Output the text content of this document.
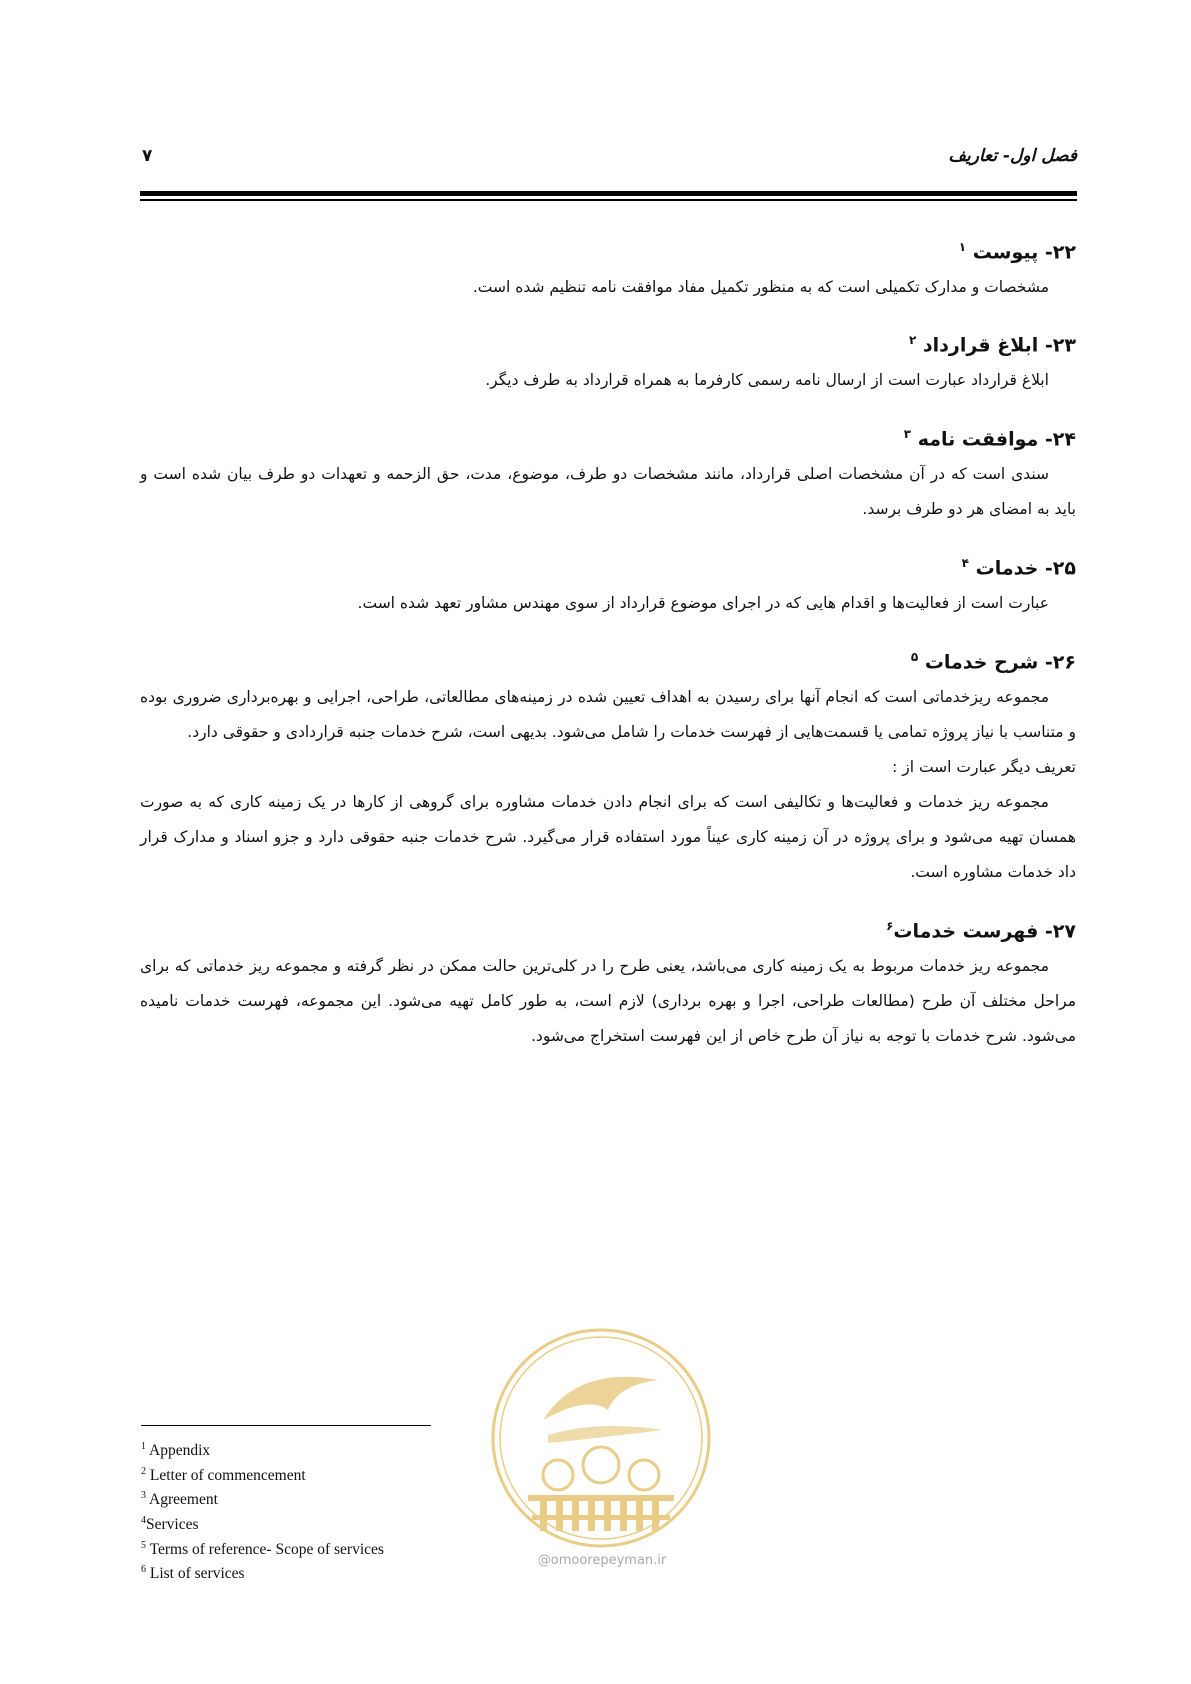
فصل اول- تعاریف
۷
۲۲- پیوست $^۱$

مشخصات و مدارک تکمیلی است که به منظور تکمیل مفاد موافقت نامه تنظیم شده است.

۲۳- ابلاغ قرارداد $^۲$

ابلاغ قرارداد عبارت است از ارسال نامه رسمی کارفرما به همراه قرارداد به طرف دیگر.

۲۴- موافقت نامه $^۳$

سندی است که در آن مشخصات اصلی قرارداد، مانند مشخصات دو طرف، موضوع، مدت، حق الزحمه و تعهدات دو طرف بیان شده است و باید به امضای هر دو طرف برسد.

۲۵- خدمات $^۴$

عبارت است از فعالیت‌ها و اقدام هایی که در اجرای موضوع قرارداد از سوی مهندس مشاور تعهد شده است.

۲۶- شرح خدمات $^۵$

مجموعه ریزخدماتی است که انجام آنها برای رسیدن به اهداف تعیین شده در زمینه‌های مطالعاتی، طراحی، اجرایی و بهره‌برداری ضروری بوده و متناسب با نیاز پروژه تمامی یا قسمت‌هایی از فهرست خدمات را شامل می‌شود. بدیهی است، شرح خدمات جنبه قراردادی و حقوقی دارد.

تعریف دیگر عبارت است از :

مجموعه ریز خدمات و فعالیت‌ها و تکالیفی است که برای انجام دادن خدمات مشاوره برای گروهی از کارها در یک زمینه کاری که به صورت همسان تهیه می‌شود و برای پروژه در آن زمینه کاری عیناً مورد استفاده قرار می‌گیرد. شرح خدمات جنبه حقوقی دارد و جزو اسناد و مدارک قرار داد خدمات مشاوره است.

۲۷- فهرست خدمات$^۶$

مجموعه ریز خدمات مربوط به یک زمینه کاری می‌باشد، یعنی طرح را در کلی‌ترین حالت ممکن در نظر گرفته و مجموعه ریز خدماتی که برای مراحل مختلف آن طرح (مطالعات طراحی، اجرا و بهره برداری) لازم است، به طور کامل تهیه می‌شود. این مجموعه، فهرست خدمات نامیده می‌شود. شرح خدمات با توجه به نیاز آن طرح خاص از این فهرست استخراج می‌شود.

@omoorepeyman.ir
$^1$ Appendix
$^2$ Letter of commencement
$^3$ Agreement
$^4$Services
$^5$ Terms of reference- Scope of services
$^6$ List of services
